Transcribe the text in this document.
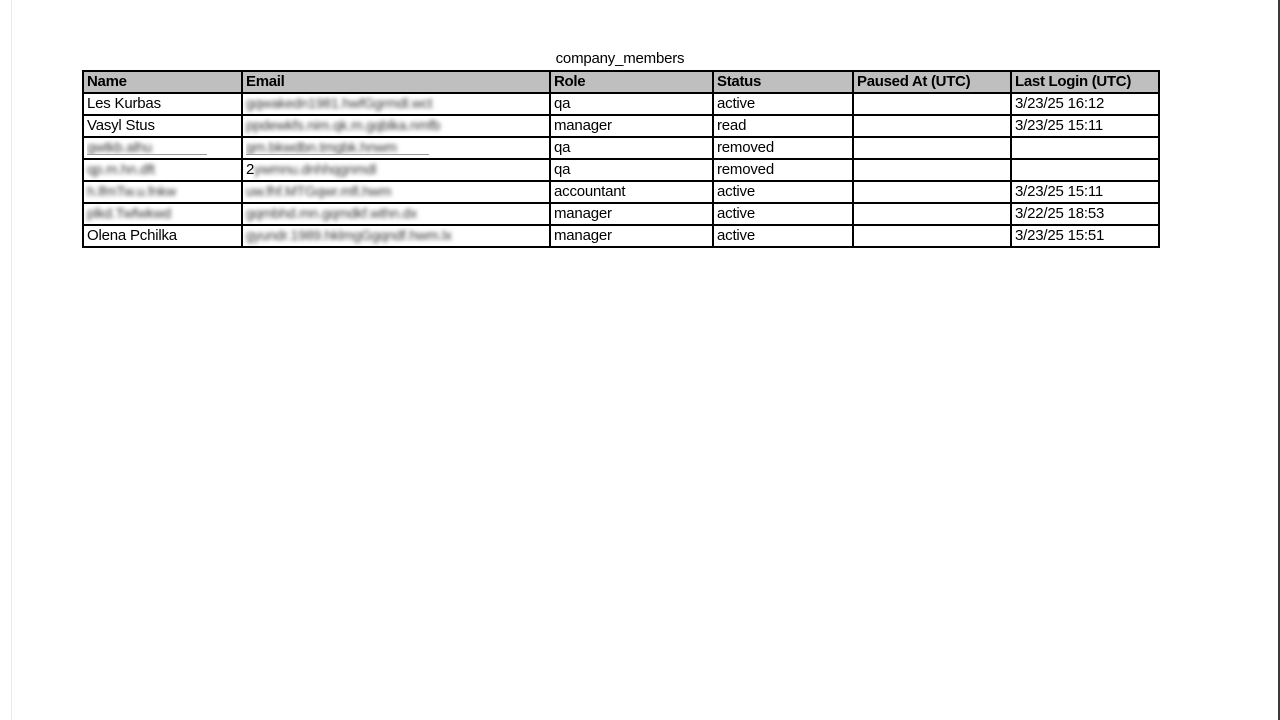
company_members
Name	Email	Role	Status	Paused At (UTC)	Last Login (UTC)
Les Kurbas	gqwakedn1981.hwfGgrmdl.wct	qa	active		3/23/25 16:12
Vasyl Stus	ppdewkfs.nim.qk.m.gqblka.nmfb	manager	read		3/23/25 15:11
gwtkb.alhu	gm.bkwdbn.tmgbk.hnwm	qa	removed		
qp.m.hn.dft	2ywmnu.dnhhqgnmdl	qa	removed		
h.lfmTw.u.fnkw	uw.fhf.MTGqwr.mfl.hwm	accountant	active		3/23/25 15:11
plkd.Twfwkwd	gqmbhd.mn.gqmdkf.wthn.dx	manager	active		3/22/25 18:53
Olena Pchilka	gyundr.1989.hklmgGgqndf.hwm.lx	manager	active		3/23/25 15:51
